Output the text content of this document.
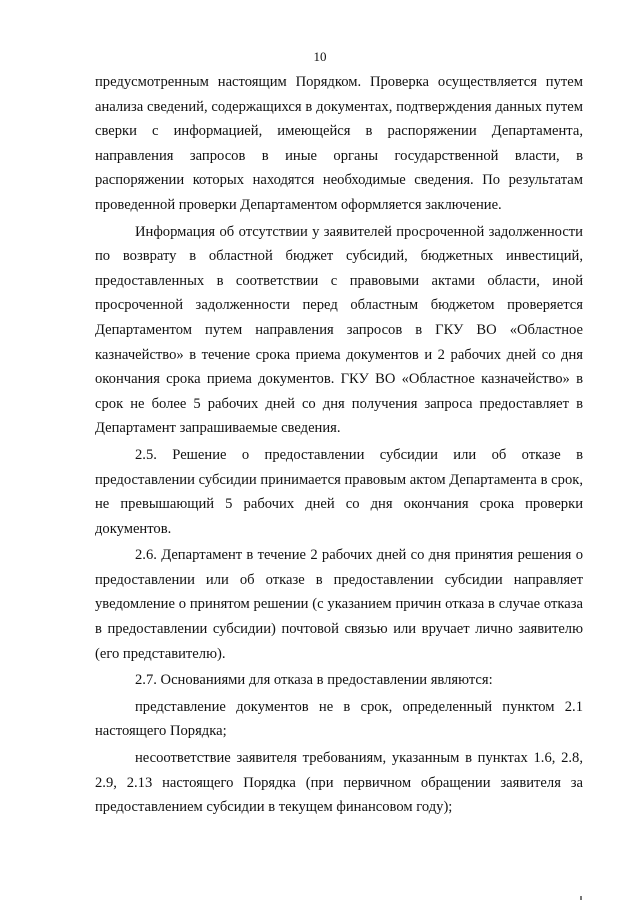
10

предусмотренным настоящим Порядком. Проверка осуществляется путем анализа сведений, содержащихся в документах, подтверждения данных путем сверки с информацией, имеющейся в распоряжении Департамента, направления запросов в иные органы государственной власти, в распоряжении которых находятся необходимые сведения. По результатам проведенной проверки Департаментом оформляется заключение.

Информация об отсутствии у заявителей просроченной задолженности по возврату в областной бюджет субсидий, бюджетных инвестиций, предоставленных в соответствии с правовыми актами области, иной просроченной задолженности перед областным бюджетом проверяется Департаментом путем направления запросов в ГКУ ВО «Областное казначейство» в течение срока приема документов и 2 рабочих дней со дня окончания срока приема документов. ГКУ ВО «Областное казначейство» в срок не более 5 рабочих дней со дня получения запроса предоставляет в Департамент запрашиваемые сведения.

2.5. Решение о предоставлении субсидии или об отказе в предоставлении субсидии принимается правовым актом Департамента в срок, не превышающий 5 рабочих дней со дня окончания срока проверки документов.

2.6. Департамент в течение 2 рабочих дней со дня принятия решения о предоставлении или об отказе в предоставлении субсидии направляет уведомление о принятом решении (с указанием причин отказа в случае отказа в предоставлении субсидии) почтовой связью или вручает лично заявителю (его представителю).

2.7. Основаниями для отказа в предоставлении являются:

представление документов не в срок, определенный пунктом 2.1 настоящего Порядка;

несоответствие заявителя требованиям, указанным в пунктах 1.6, 2.8, 2.9, 2.13 настоящего Порядка (при первичном обращении заявителя за предоставлением субсидии в текущем финансовом году);
